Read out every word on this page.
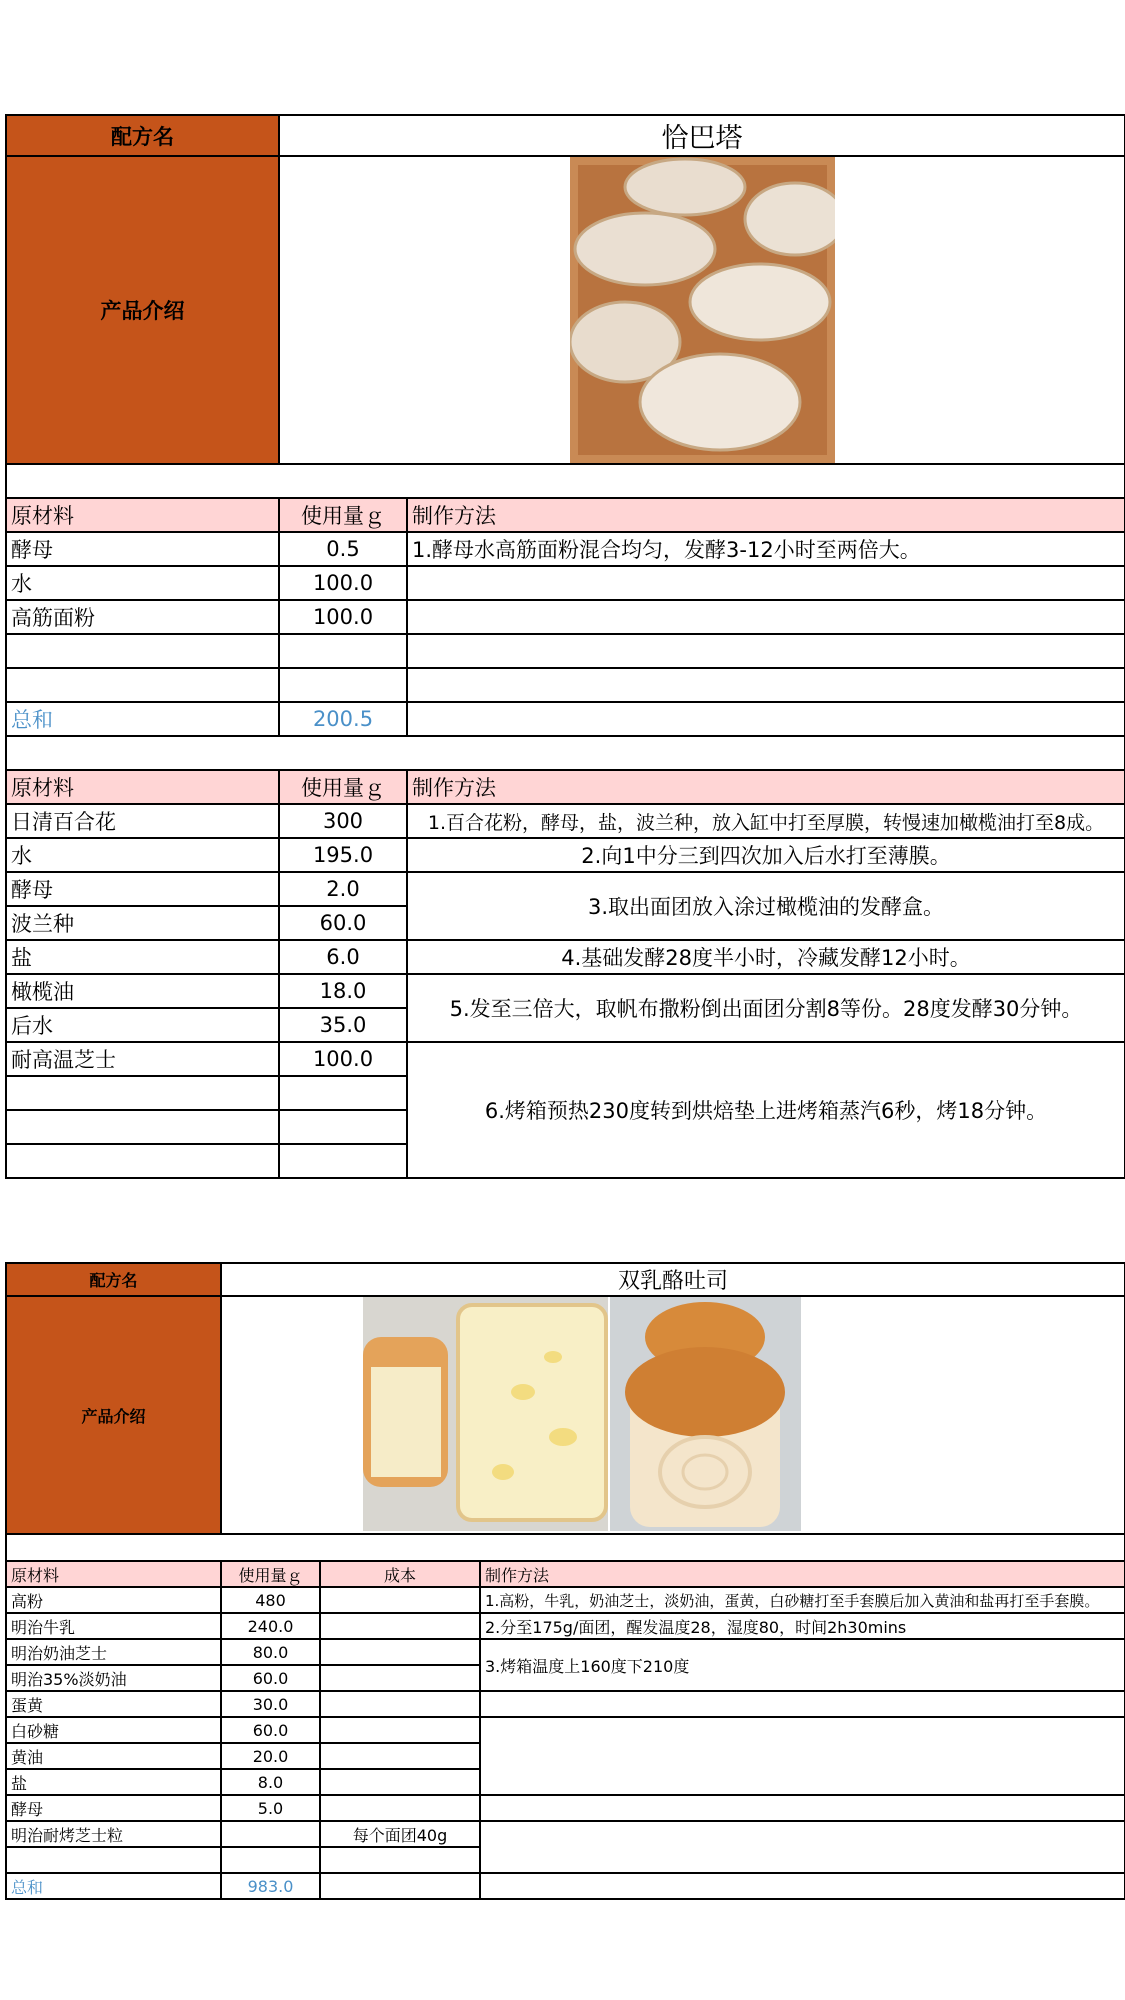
配方名	恰巴塔	
产品介绍	

原材料	使用量ｇ	制作方法
酵母	0.5	1.酵母水高筋面粉混合均匀，发酵3-12小时至两倍大。
水	100.0	
高筋面粉	100.0	

总和	200.5	

原材料	使用量ｇ	制作方法
日清百合花	300	1.百合花粉，酵母，盐，波兰种，放入缸中打至厚膜，转慢速加橄榄油打至8成。
水	195.0	2.向1中分三到四次加入后水打至薄膜。
酵母	2.0	3.取出面团放入涂过橄榄油的发酵盒。
波兰种	60.0	
盐	6.0	4.基础发酵28度半小时，冷藏发酵12小时。
橄榄油	18.0	5.发至三倍大，取帆布撒粉倒出面团分割8等份。28度发酵30分钟。
后水	35.0	
耐高温芝士	100.0	6.烤箱预热230度转到烘焙垫上进烤箱蒸汽6秒，烤18分钟。

配方名	双乳酪吐司		
产品介绍	

原材料	使用量ｇ	成本	制作方法
高粉	480		1.高粉，牛乳，奶油芝士，淡奶油，蛋黄，白砂糖打至手套膜后加入黄油和盐再打至手套膜。
明治牛乳	240.0		2.分至175g/面团，醒发温度28，湿度80，时间2h30mins
明治奶油芝士	80.0		3.烤箱温度上160度下210度
明治35%淡奶油	60.0		
蛋黄	30.0		
白砂糖	60.0		
黄油	20.0		
盐	8.0		
酵母	5.0		
明治耐烤芝士粒		每个面团40g	

总和	983.0		
